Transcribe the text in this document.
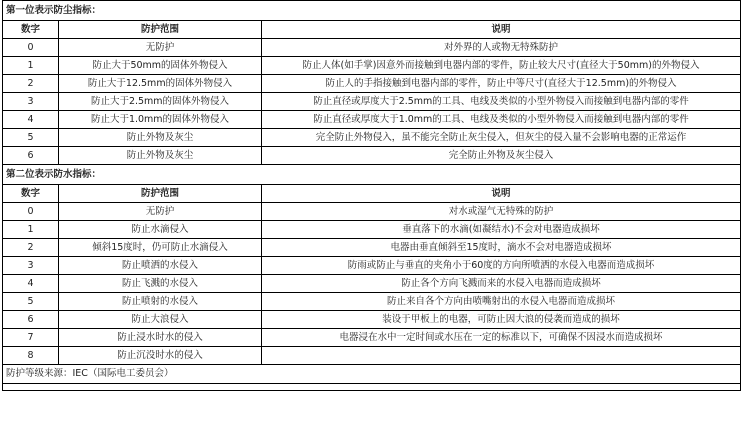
第一位表示防尘指标：		
数字	防护范围	说明
0	无防护	对外界的人或物无特殊防护
1	防止大于50mm的固体外物侵入	防止人体(如手掌)因意外而接触到电器内部的零件，防止较大尺寸(直径大于50mm)的外物侵入
2	防止大于12.5mm的固体外物侵入	防止人的手指接触到电器内部的零件，防止中等尺寸(直径大于12.5mm)的外物侵入
3	防止大于2.5mm的固体外物侵入	防止直径或厚度大于2.5mm的工具、电线及类似的小型外物侵入而接触到电器内部的零件
4	防止大于1.0mm的固体外物侵入	防止直径或厚度大于1.0mm的工具、电线及类似的小型外物侵入而接触到电器内部的零件
5	防止外物及灰尘	完全防止外物侵入，虽不能完全防止灰尘侵入，但灰尘的侵入量不会影响电器的正常运作
6	防止外物及灰尘	完全防止外物及灰尘侵入
第二位表示防水指标：		
数字	防护范围	说明
0	无防护	对水或湿气无特殊的防护
1	防止水滴侵入	垂直落下的水滴(如凝结水)不会对电器造成损坏
2	倾斜15度时，仍可防止水滴侵入	电器由垂直倾斜至15度时，滴水不会对电器造成损坏
3	防止喷洒的水侵入	防雨或防止与垂直的夹角小于60度的方向所喷洒的水侵入电器而造成损坏
4	防止飞溅的水侵入	防止各个方向飞溅而来的水侵入电器而造成损坏
5	防止喷射的水侵入	防止来自各个方向由喷嘴射出的水侵入电器而造成损坏
6	防止大浪侵入	装设于甲板上的电器，可防止因大浪的侵袭而造成的损坏
7	防止浸水时水的侵入	电器浸在水中一定时间或水压在一定的标准以下，可确保不因浸水而造成损坏
8	防止沉没时水的侵入	
防护等级来源：IEC（国际电工委员会）		
